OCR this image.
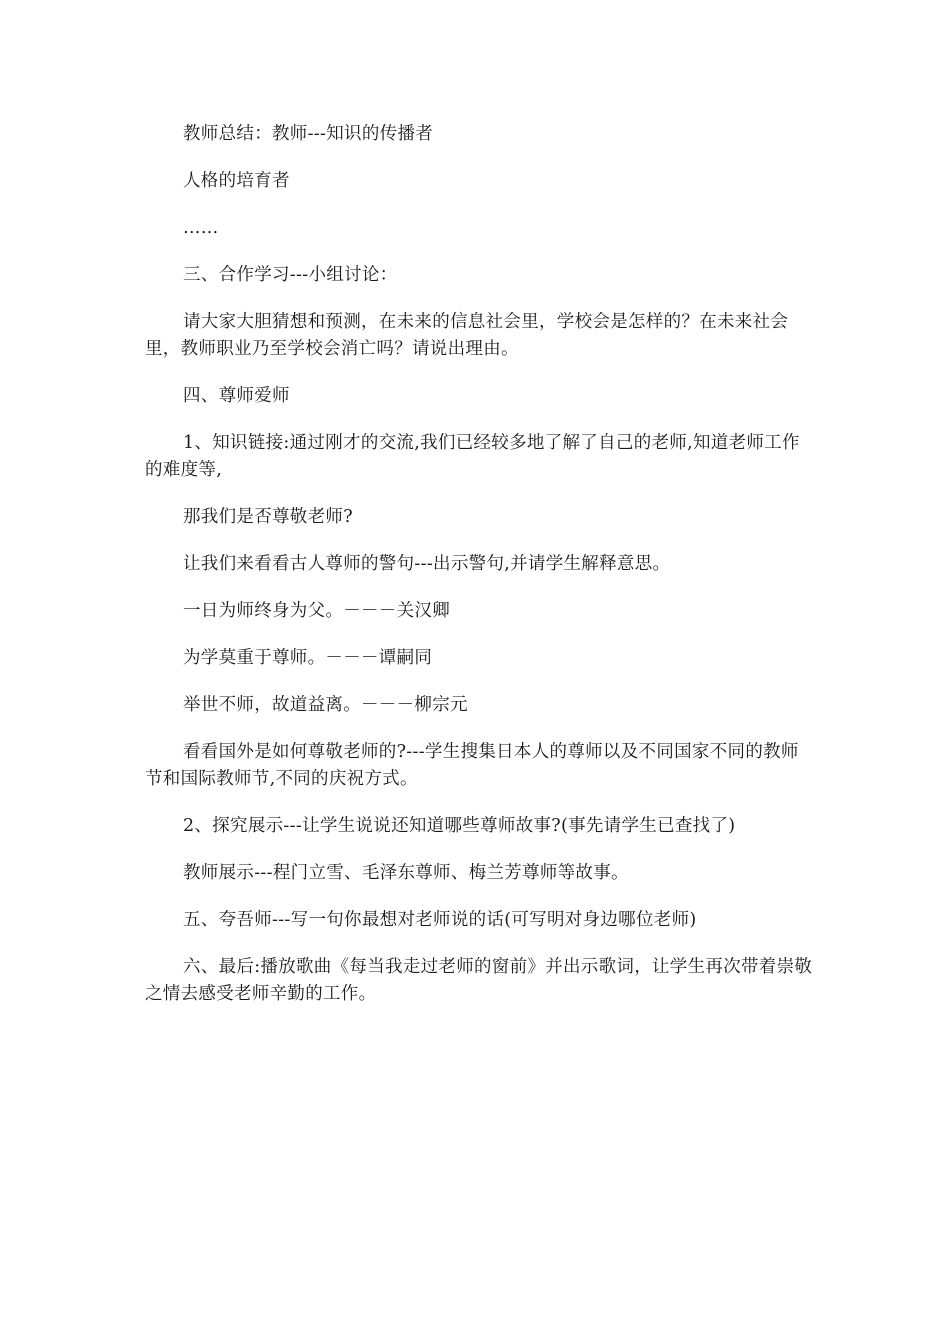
教师总结：教师---知识的传播者

人格的培育者

……

三、合作学习---小组讨论：

请大家大胆猜想和预测，在未来的信息社会里，学校会是怎样的？在未来社会里，教师职业乃至学校会消亡吗？请说出理由。

四、尊师爱师

1、知识链接:通过刚才的交流,我们已经较多地了解了自己的老师,知道老师工作的难度等,

那我们是否尊敬老师?

让我们来看看古人尊师的警句---出示警句,并请学生解释意思。

一日为师终身为父。－－－关汉卿

为学莫重于尊师。－－－谭嗣同

举世不师，故道益离。－－－柳宗元

看看国外是如何尊敬老师的?---学生搜集日本人的尊师以及不同国家不同的教师节和国际教师节,不同的庆祝方式。

2、探究展示---让学生说说还知道哪些尊师故事?(事先请学生已查找了)

教师展示---程门立雪、毛泽东尊师、梅兰芳尊师等故事。

五、夸吾师---写一句你最想对老师说的话(可写明对身边哪位老师)

六、最后:播放歌曲《每当我走过老师的窗前》并出示歌词，让学生再次带着崇敬之情去感受老师辛勤的工作。
